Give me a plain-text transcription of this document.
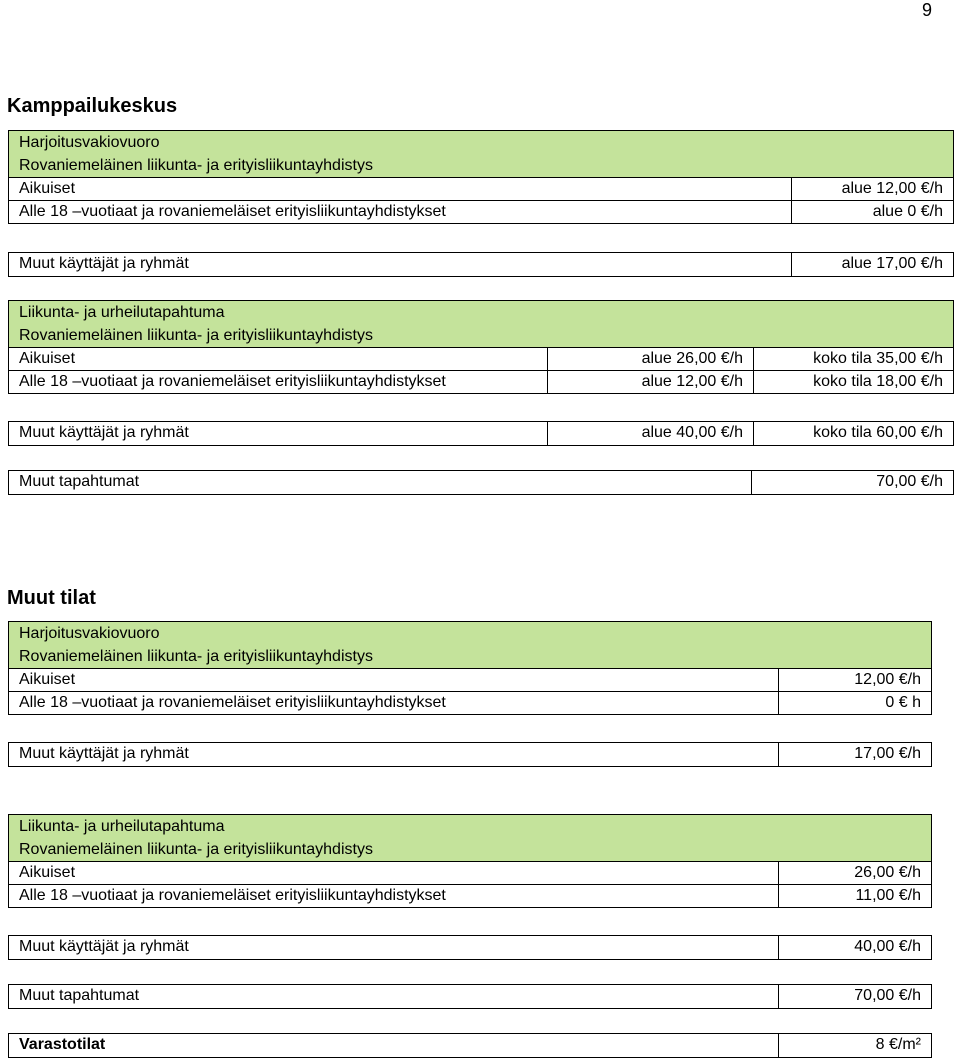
9
Kamppailukeskus
Harjoitusvakiovuoro
Rovaniemeläinen liikunta- ja erityisliikuntayhdistys
Aikuiset	alue 12,00 €/h
Alle 18 –vuotiaat ja rovaniemeläiset erityisliikuntayhdistykset	alue 0 €/h
Muut käyttäjät ja ryhmät	alue 17,00 €/h
Liikunta- ja urheilutapahtuma
Rovaniemeläinen liikunta- ja erityisliikuntayhdistys
Aikuiset	alue 26,00 €/h	koko tila 35,00 €/h
Alle 18 –vuotiaat ja rovaniemeläiset erityisliikuntayhdistykset	alue 12,00 €/h	koko tila 18,00 €/h
Muut käyttäjät ja ryhmät	alue 40,00 €/h	koko tila 60,00 €/h
Muut tapahtumat	70,00 €/h
Muut tilat
Harjoitusvakiovuoro
Rovaniemeläinen liikunta- ja erityisliikuntayhdistys
Aikuiset	12,00 €/h
Alle 18 –vuotiaat ja rovaniemeläiset erityisliikuntayhdistykset	0 € h
Muut käyttäjät ja ryhmät	17,00 €/h
Liikunta- ja urheilutapahtuma
Rovaniemeläinen liikunta- ja erityisliikuntayhdistys
Aikuiset	26,00 €/h
Alle 18 –vuotiaat ja rovaniemeläiset erityisliikuntayhdistykset	11,00 €/h
Muut käyttäjät ja ryhmät	40,00 €/h
Muut tapahtumat	70,00 €/h
Varastotilat	8 €/m²
